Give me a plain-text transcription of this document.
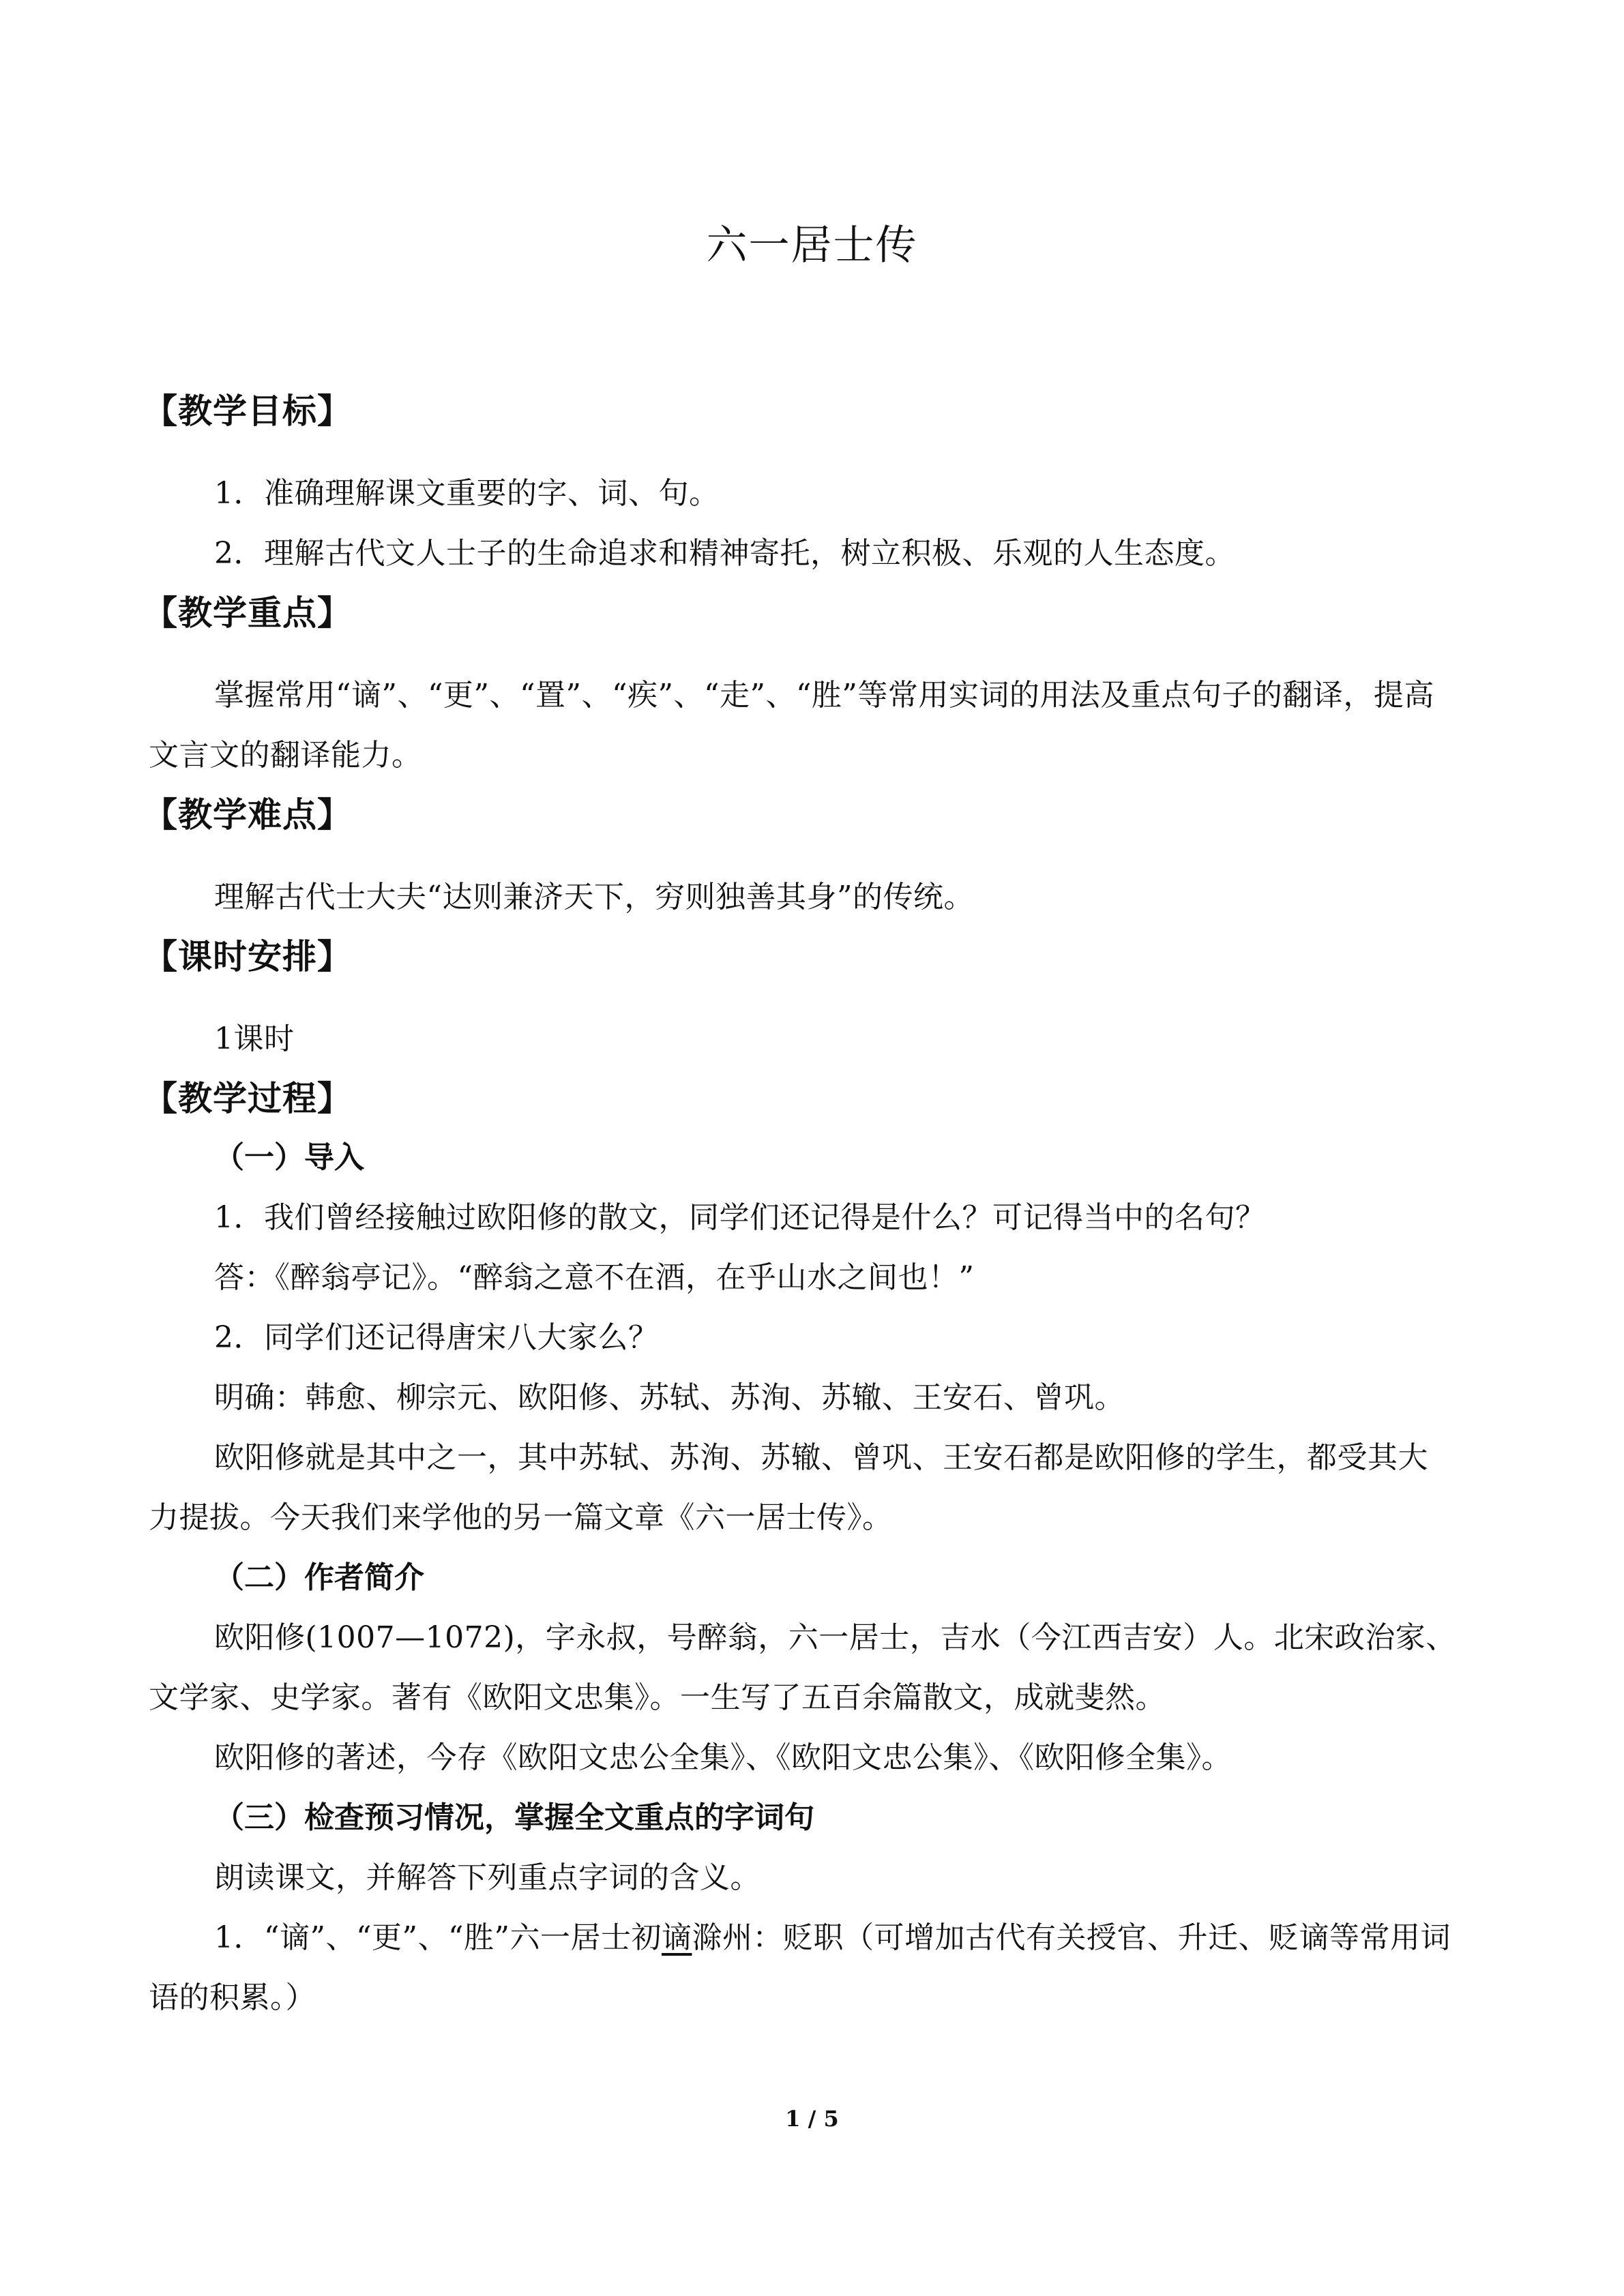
六一居士传
【教学目标】

1．准确理解课文重要的字、词、句。

2．理解古代文人士子的生命追求和精神寄托，树立积极、乐观的人生态度。

【教学重点】

掌握常用“谪”、“更”、“置”、“疾”、“走”、“胜”等常用实词的用法及重点句子的翻译，提高文言文的翻译能力。

【教学难点】

理解古代士大夫“达则兼济天下，穷则独善其身”的传统。

【课时安排】

1课时

【教学过程】

（一）导入

1．我们曾经接触过欧阳修的散文，同学们还记得是什么？可记得当中的名句？

答：《醉翁亭记》。“醉翁之意不在酒，在乎山水之间也！”

2．同学们还记得唐宋八大家么？

明确：韩愈、柳宗元、欧阳修、苏轼、苏洵、苏辙、王安石、曾巩。

欧阳修就是其中之一，其中苏轼、苏洵、苏辙、曾巩、王安石都是欧阳修的学生，都受其大力提拔。今天我们来学他的另一篇文章《六一居士传》。

（二）作者简介

欧阳修(1007—1072)，字永叔，号醉翁，六一居士，吉水（今江西吉安）人。北宋政治家、文学家、史学家。著有《欧阳文忠集》。一生写了五百余篇散文，成就斐然。

欧阳修的著述，今存《欧阳文忠公全集》、《欧阳文忠公集》、《欧阳修全集》。

（三）检查预习情况，掌握全文重点的字词句

朗读课文，并解答下列重点字词的含义。

1．“谪”、“更”、“胜”六一居士初谪滁州：贬职（可增加古代有关授官、升迁、贬谪等常用词语的积累。）

1 / 5
